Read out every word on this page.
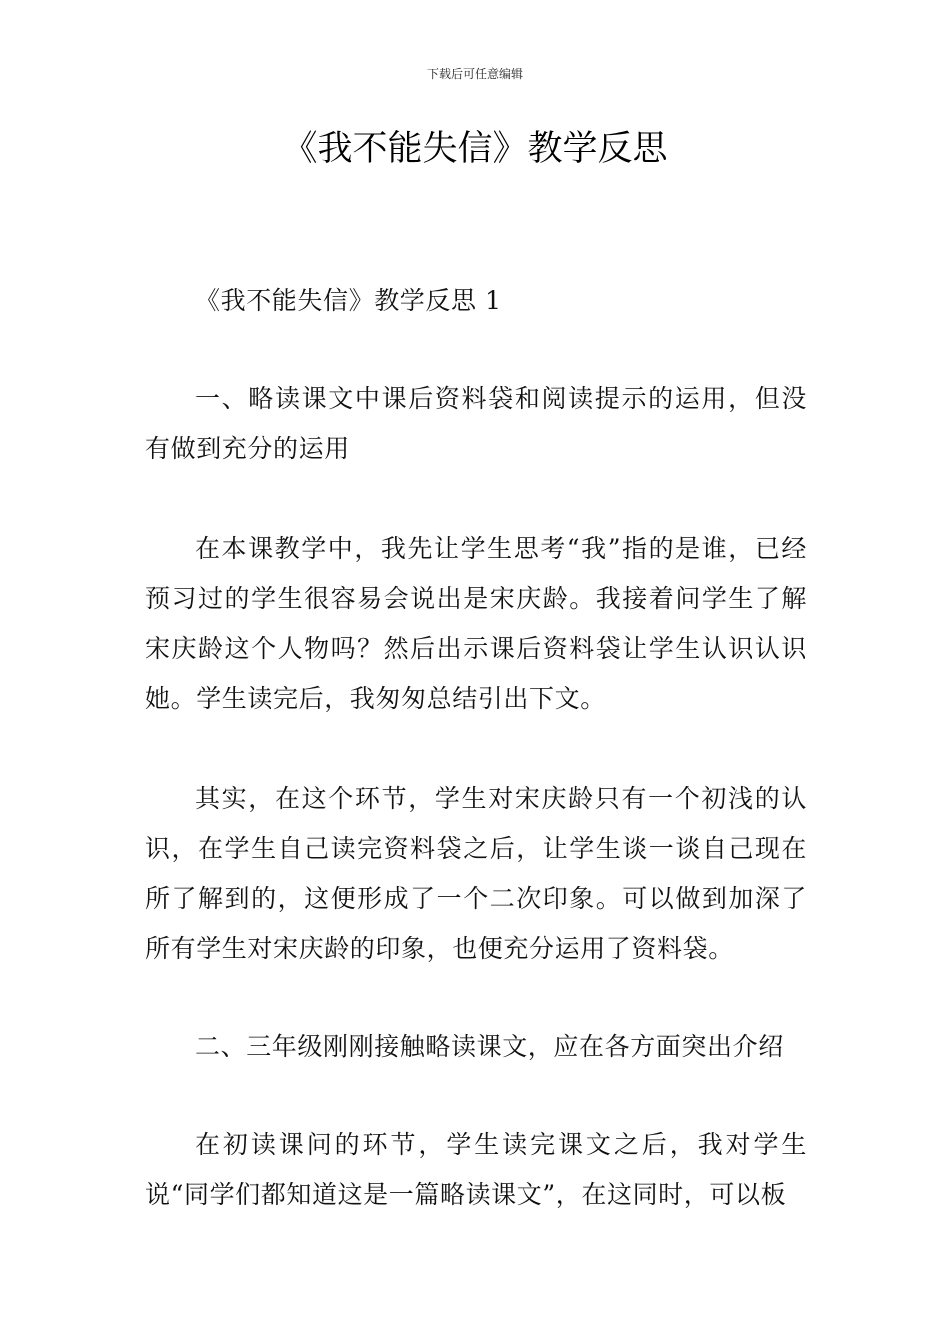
下载后可任意编辑
《我不能失信》教学反思

《我不能失信》教学反思 1

一、略读课文中课后资料袋和阅读提示的运用，但没有做到充分的运用

在本课教学中，我先让学生思考“我”指的是谁，已经预习过的学生很容易会说出是宋庆龄。我接着问学生了解宋庆龄这个人物吗？然后出示课后资料袋让学生认识认识她。学生读完后，我匆匆总结引出下文。

其实，在这个环节，学生对宋庆龄只有一个初浅的认识，在学生自己读完资料袋之后，让学生谈一谈自己现在所了解到的，这便形成了一个二次印象。可以做到加深了所有学生对宋庆龄的印象，也便充分运用了资料袋。

二、三年级刚刚接触略读课文，应在各方面突出介绍

在初读课问的环节，学生读完课文之后，我对学生说“同学们都知道这是一篇略读课文”，在这同时，可以板
